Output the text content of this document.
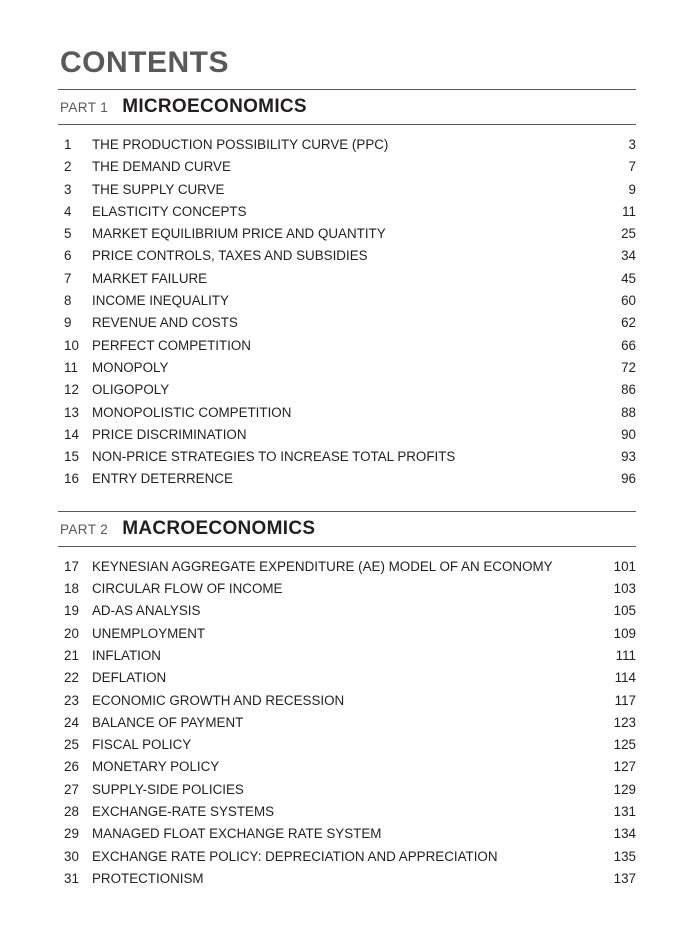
CONTENTS
PART 1 MICROECONOMICS
1	THE PRODUCTION POSSIBILITY CURVE (PPC)	3
2	THE DEMAND CURVE	7
3	THE SUPPLY CURVE	9
4	ELASTICITY CONCEPTS	11
5	MARKET EQUILIBRIUM PRICE AND QUANTITY	25
6	PRICE CONTROLS, TAXES AND SUBSIDIES	34
7	MARKET FAILURE	45
8	INCOME INEQUALITY	60
9	REVENUE AND COSTS	62
10 PERFECT COMPETITION	66
11	MONOPOLY	72
12 OLIGOPOLY	86
13 MONOPOLISTIC COMPETITION	88
14 PRICE DISCRIMINATION	90
15 NON-PRICE STRATEGIES TO INCREASE TOTAL PROFITS	93
16 ENTRY DETERRENCE	96
PART 2 MACROECONOMICS
17 KEYNESIAN AGGREGATE EXPENDITURE (AE) MODEL OF AN ECONOMY	101
18 CIRCULAR FLOW OF INCOME	103
19 AD-AS ANALYSIS	105
20 UNEMPLOYMENT	109
21 INFLATION	111
22 DEFLATION	114
23 ECONOMIC GROWTH AND RECESSION	117
24 BALANCE OF PAYMENT	123
25 FISCAL POLICY	125
26 MONETARY POLICY	127
27 SUPPLY-SIDE POLICIES	129
28 EXCHANGE-RATE SYSTEMS	131
29 MANAGED FLOAT EXCHANGE RATE SYSTEM	134
30 EXCHANGE RATE POLICY: DEPRECIATION AND APPRECIATION	135
31 PROTECTIONISM	137
